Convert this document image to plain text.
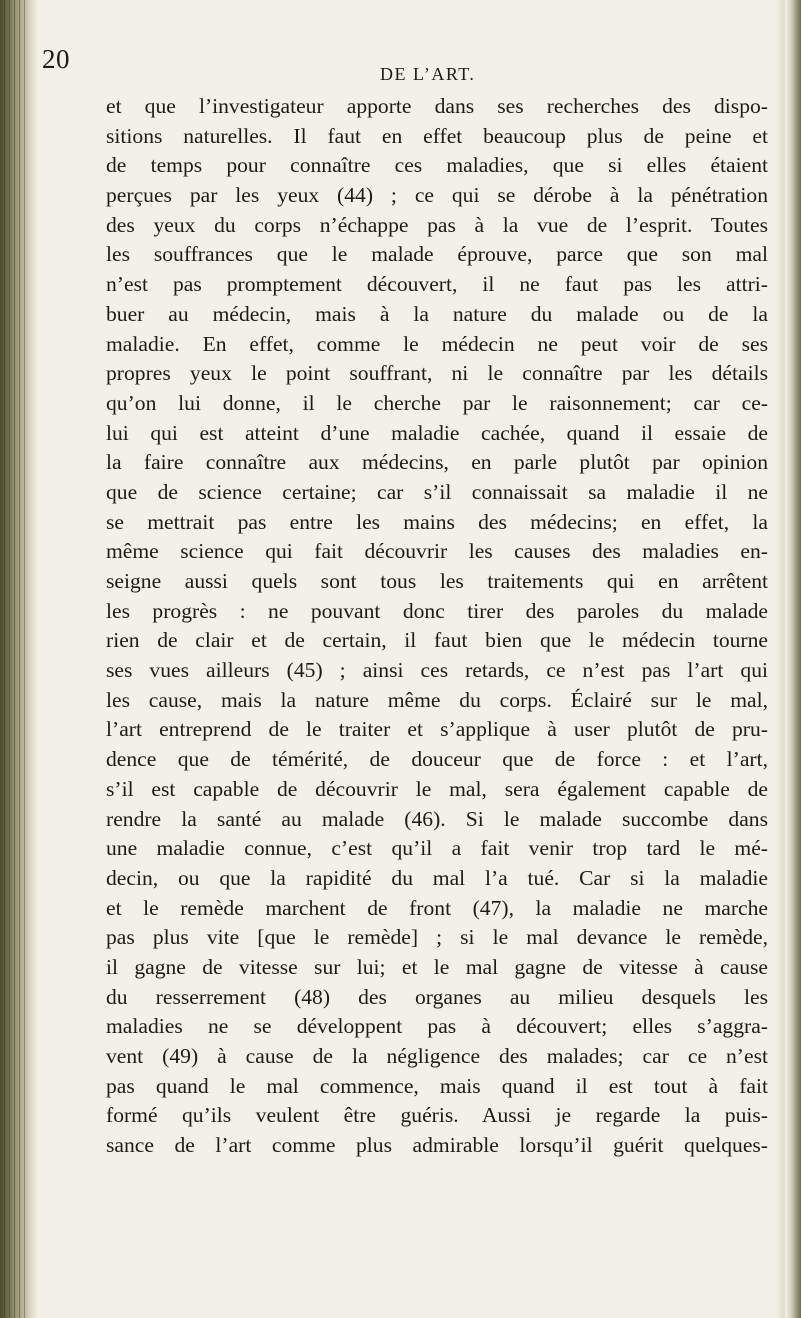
20	DE L’ART.
et que l’investigateur apporte dans ses recherches des dispo-
sitions naturelles. Il faut en effet beaucoup plus de peine et
de temps pour connaître ces maladies, que si elles étaient
perçues par les yeux (44) ; ce qui se dérobe à la pénétration
des yeux du corps n’échappe pas à la vue de l’esprit. Toutes
les souffrances que le malade éprouve, parce que son mal
n’est pas promptement découvert, il ne faut pas les attri-
buer au médecin, mais à la nature du malade ou de la
maladie. En effet, comme le médecin ne peut voir de ses
propres yeux le point souffrant, ni le connaître par les détails
qu’on lui donne, il le cherche par le raisonnement; car ce-
lui qui est atteint d’une maladie cachée, quand il essaie de
la faire connaître aux médecins, en parle plutôt par opinion
que de science certaine; car s’il connaissait sa maladie il ne
se mettrait pas entre les mains des médecins; en effet, la
même science qui fait découvrir les causes des maladies en-
seigne aussi quels sont tous les traitements qui en arrêtent
les progrès : ne pouvant donc tirer des paroles du malade
rien de clair et de certain, il faut bien que le médecin tourne
ses vues ailleurs (45) ; ainsi ces retards, ce n’est pas l’art qui
les cause, mais la nature même du corps. Éclairé sur le mal,
l’art entreprend de le traiter et s’applique à user plutôt de pru-
dence que de témérité, de douceur que de force : et l’art,
s’il est capable de découvrir le mal, sera également capable de
rendre la santé au malade (46). Si le malade succombe dans
une maladie connue, c’est qu’il a fait venir trop tard le mé-
decin, ou que la rapidité du mal l’a tué. Car si la maladie
et le remède marchent de front (47), la maladie ne marche
pas plus vite [que le remède] ; si le mal devance le remède,
il gagne de vitesse sur lui; et le mal gagne de vitesse à cause
du resserrement (48) des organes au milieu desquels les
maladies ne se développent pas à découvert; elles s’aggra-
vent (49) à cause de la négligence des malades; car ce n’est
pas quand le mal commence, mais quand il est tout à fait
formé qu’ils veulent être guéris. Aussi je regarde la puis-
sance de l’art comme plus admirable lorsqu’il guérit quelques-
